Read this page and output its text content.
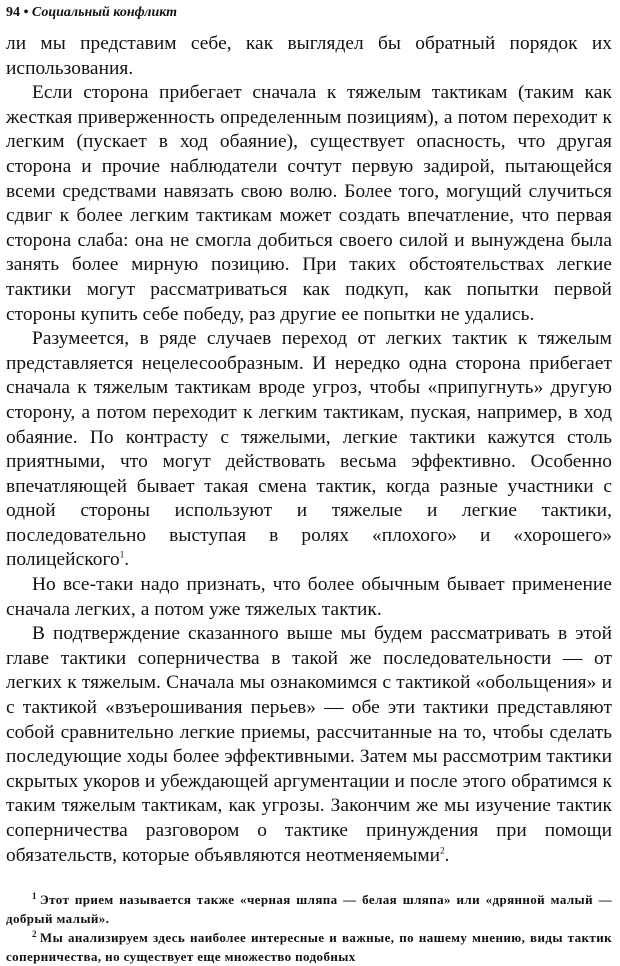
94 • Социальный конфликт

ли мы представим себе, как выглядел бы обратный порядок их использования.

Если сторона прибегает сначала к тяжелым тактикам (таким как жесткая приверженность определенным позициям), а потом переходит к легким (пускает в ход обаяние), существует опасность, что другая сторона и прочие наблюдатели сочтут первую задирой, пытающейся всеми средствами навязать свою волю. Более того, могущий случиться сдвиг к более легким тактикам может создать впечатление, что первая сторона слаба: она не смогла добиться своего силой и вынуждена была занять более мирную позицию. При таких обстоятельствах легкие тактики могут рассматриваться как подкуп, как попытки первой стороны купить себе победу, раз другие ее попытки не удались.

Разумеется, в ряде случаев переход от легких тактик к тяжелым представляется нецелесообразным. И нередко одна сторона прибегает сначала к тяжелым тактикам вроде угроз, чтобы «припугнуть» другую сторону, а потом переходит к легким тактикам, пуская, например, в ход обаяние. По контрасту с тяжелыми, легкие тактики кажутся столь приятными, что могут действовать весьма эффективно. Особенно впечатляющей бывает такая смена тактик, когда разные участники с одной стороны используют и тяжелые и легкие тактики, последовательно выступая в ролях «плохого» и «хорошего» полицейского$^1$.

Но все-таки надо признать, что более обычным бывает применение сначала легких, а потом уже тяжелых тактик.

В подтверждение сказанного выше мы будем рассматривать в этой главе тактики соперничества в такой же последовательности — от легких к тяжелым. Сначала мы ознакомимся с тактикой «обольщения» и с тактикой «взъерошивания перьев» — обе эти тактики представляют собой сравнительно легкие приемы, рассчитанные на то, чтобы сделать последующие ходы более эффективными. Затем мы рассмотрим тактики скрытых укоров и убеждающей аргументации и после этого обратимся к таким тяжелым тактикам, как угрозы. Закончим же мы изучение тактик соперничества разговором о тактике принуждения при помощи обязательств, которые объявляются неотменяемыми$^2$.

$^1$ Этот прием называется также «черная шляпа — белая шляпа» или «дрянной малый — добрый малый».

$^2$ Мы анализируем здесь наиболее интересные и важные, по нашему мнению, виды тактик соперничества, но существует еще множество подобных
